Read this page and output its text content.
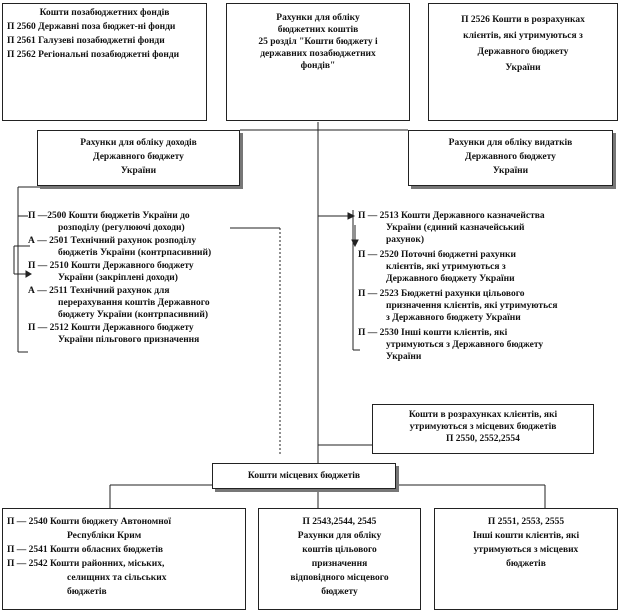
Кошти позабюджетних фондів
П 2560 Державні поза бюджет-ні фонди
П 2561 Галузеві позабюджетні фонди
П 2562 Регіональні позабюджетні фонди
Рахунки для обліку
бюджетних коштів
25 розділ "Кошти бюджету і
державних позабюджетних
фондів"
П 2526 Кошти в розрахунках
клієнтів, які утримуються з
Державного бюджету
України
Рахунки для обліку доходів
Державного бюджету
України
Рахунки для обліку видатків
Державного бюджету
України
П —2500 Кошти бюджетів України до
розподілу (регулюючі доходи)
А — 2501 Технічний рахунок розподілу
бюджетів України (контрпасивний)
П — 2510 Кошти Державного бюджету
України (закріплені доходи)
А — 2511 Технічний рахунок для
перерахування коштів Державного
бюджету України (контрпасивний)
П — 2512 Кошти Державного бюджету
України пільгового призначення
П — 2513 Кошти Державного казначейства
України (єдиний казначейський
рахунок)
П — 2520 Поточні бюджетні рахунки
клієнтів, які утримуються з
Державного бюджету України
П — 2523 Бюджетні рахунки цільового
призначення клієнтів, які утримуються
з Державного бюджету України
П — 2530 Інші кошти клієнтів, які
утримуються з Державного бюджету
України
Кошти в розрахунках клієнтів, які
утримуються з місцевих бюджетів
П 2550, 2552,2554
Кошти місцевих бюджетів
П — 2540 Кошти бюджету Автономної
Республіки Крим
П — 2541 Кошти обласних бюджетів
П — 2542 Кошти районних, міських,
селищних та сільських
бюджетів
П 2543,2544, 2545
Рахунки для обліку
коштів цільового
призначення
відповідного місцевого
бюджету
П 2551, 2553, 2555
Інші кошти клієнтів, які
утримуються з місцевих
бюджетів
